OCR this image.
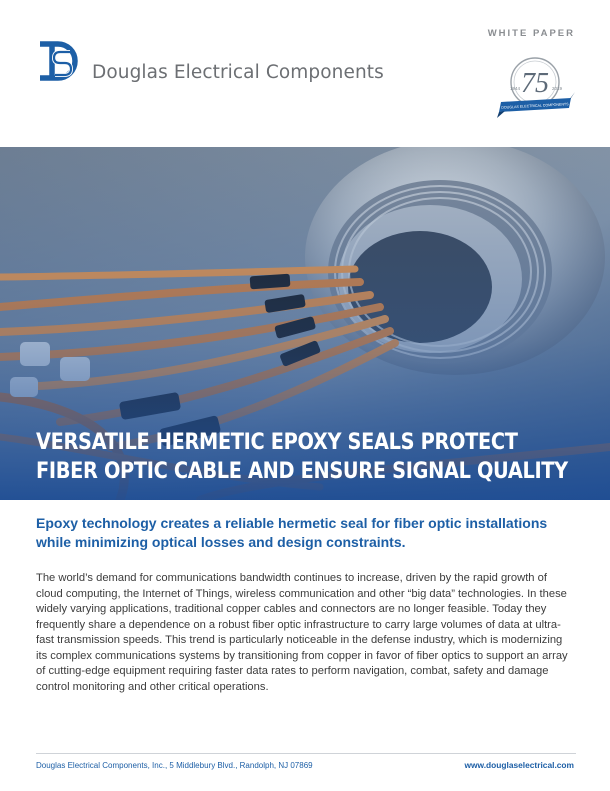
Douglas Electrical Components
WHITE PAPER
75
1944	2019
DOUGLAS ELECTRICAL COMPONENTS
VERSATILE HERMETIC EPOXY SEALS PROTECT
FIBER OPTIC CABLE AND ENSURE SIGNAL QUALITY
Epoxy technology creates a reliable hermetic seal for fiber optic installations while minimizing optical losses and design constraints.
The world’s demand for communications bandwidth continues to increase, driven by the rapid growth of cloud computing, the Internet of Things, wireless communication and other “big data” technologies. In these widely varying applications, traditional copper cables and connectors are no longer feasible. Today they frequently share a dependence on a robust fiber optic infrastructure to carry large volumes of data at ultra-fast transmission speeds. This trend is particularly noticeable in the defense industry, which is modernizing its complex communications systems by transitioning from copper in favor of fiber optics to support an array of cutting-edge equipment requiring faster data rates to perform navigation, combat, safety and damage control monitoring and other critical operations.
Douglas Electrical Components, Inc., 5 Middlebury Blvd., Randolph, NJ 07869	www.douglaselectrical.com
